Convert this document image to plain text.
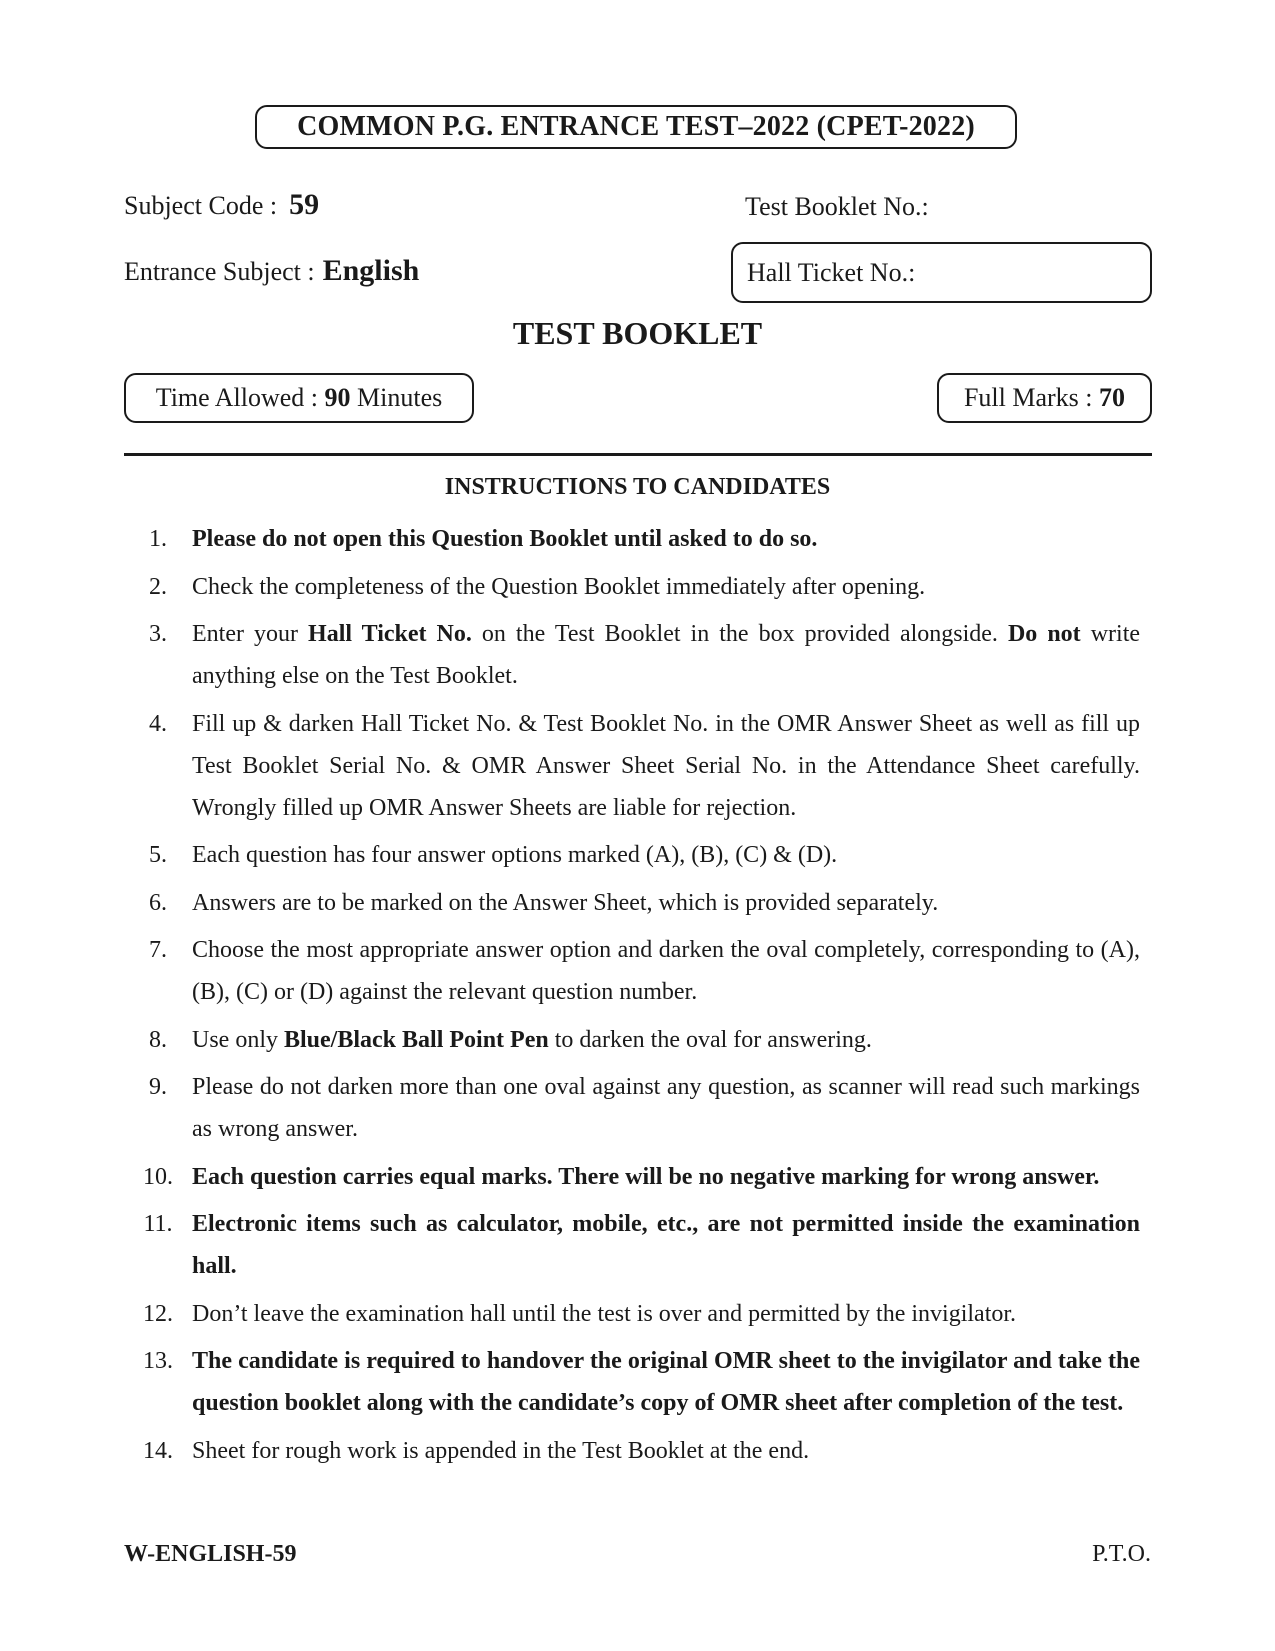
COMMON P.G. ENTRANCE TEST–2022 (CPET-2022)
Subject Code : 59	Test Booklet No.:
Entrance Subject : English	Hall Ticket No.:
TEST BOOKLET
Time Allowed :
90
Minutes	Full Marks :
70
INSTRUCTIONS TO CANDIDATES
1.	Please do not open this Question Booklet until asked to do so.
2.	Check the completeness of the Question Booklet immediately after opening.
3.	Enter your Hall Ticket No. on the Test Booklet in the box provided alongside. Do not write anything else on the Test Booklet.
4.	Fill up & darken Hall Ticket No. & Test Booklet No. in the OMR Answer Sheet as well as fill up Test Booklet Serial No. & OMR Answer Sheet Serial No. in the Attendance Sheet carefully. Wrongly filled up OMR Answer Sheets are liable for rejection.
5.	Each question has four answer options marked (A), (B), (C) & (D).
6.	Answers are to be marked on the Answer Sheet, which is provided separately.
7.	Choose the most appropriate answer option and darken the oval completely, corresponding to (A), (B), (C) or (D) against the relevant question number.
8.	Use only Blue/Black Ball Point Pen to darken the oval for answering.
9.	Please do not darken more than one oval against any question, as scanner will read such markings as wrong answer.
10. Each question carries equal marks. There will be no negative marking for wrong answer.
11. Electronic items such as calculator, mobile, etc., are not permitted inside the examination hall.
12. Don’t leave the examination hall until the test is over and permitted by the invigilator.
13. The candidate is required to handover the original OMR sheet to the invigilator and take the question booklet along with the candidate’s copy of OMR sheet after completion of the test.
14. Sheet for rough work is appended in the Test Booklet at the end.
W-ENGLISH-59	P.T.O.
